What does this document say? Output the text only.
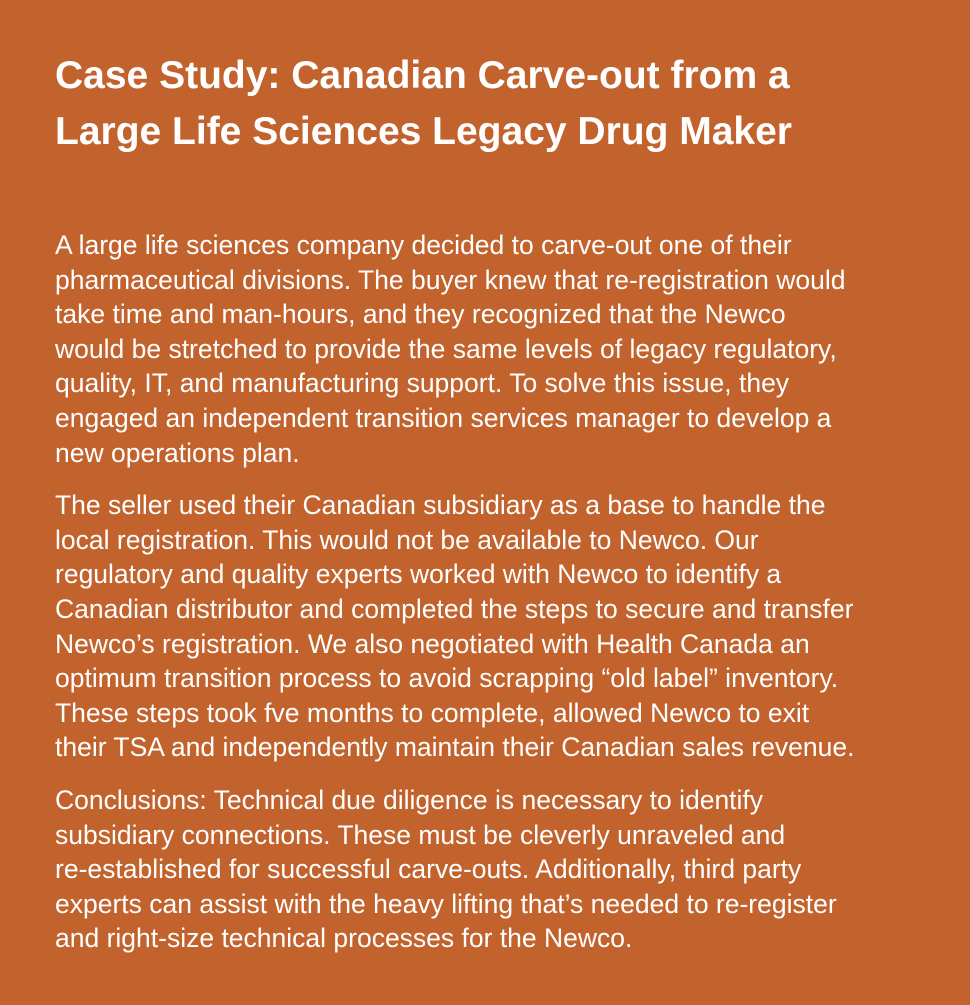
Case Study: Canadian Carve-out from a
Large Life Sciences Legacy Drug Maker

A large life sciences company decided to carve-out one of their
pharmaceutical divisions. The buyer knew that re-registration would
take time and man-hours, and they recognized that the Newco
would be stretched to provide the same levels of legacy regulatory,
quality, IT, and manufacturing support. To solve this issue, they
engaged an independent transition services manager to develop a
new operations plan.

The seller used their Canadian subsidiary as a base to handle the
local registration. This would not be available to Newco. Our
regulatory and quality experts worked with Newco to identify a
Canadian distributor and completed the steps to secure and transfer
Newco’s registration. We also negotiated with Health Canada an
optimum transition process to avoid scrapping “old label” inventory.
These steps took fve months to complete, allowed Newco to exit
their TSA and independently maintain their Canadian sales revenue.

Conclusions: Technical due diligence is necessary to identify
subsidiary connections. These must be cleverly unraveled and
re-established for successful carve-outs. Additionally, third party
experts can assist with the heavy lifting that’s needed to re-register
and right-size technical processes for the Newco.
